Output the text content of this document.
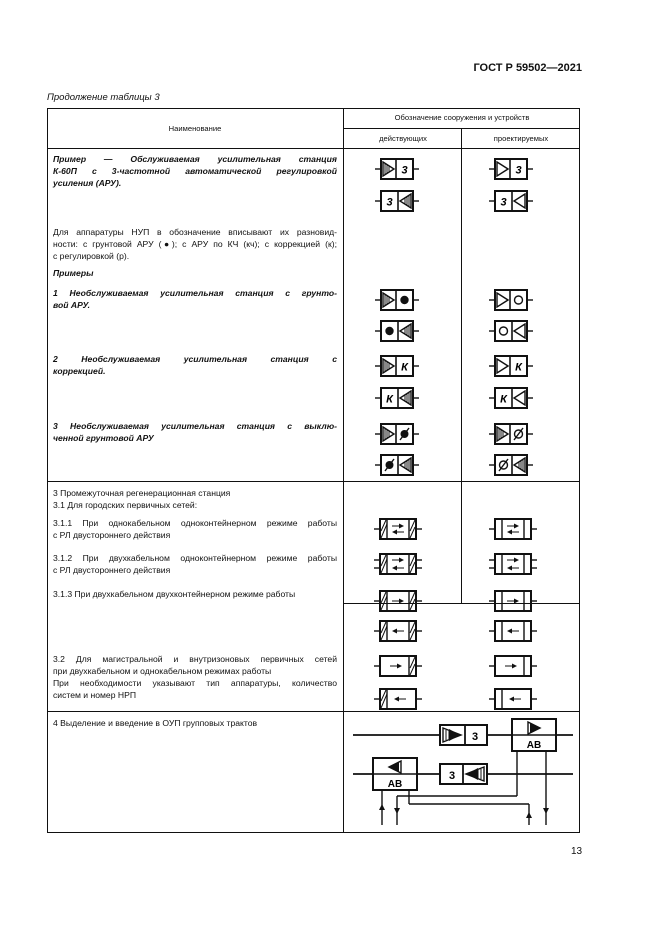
ГОСТ Р 59502—2021
Продолжение таблицы 3
Наименование
Обозначение сооружения и устройств
действующих	проектируемых
Пример — Обслуживаемая усилительная станция
К-60П с 3-частотной автоматической регулировкой
усиления (АРУ).
Для аппаратуры НУП в обозначение вписывают их разновид-
ности: с грунтовой АРУ (●); с АРУ по КЧ (кч); с коррекцией (к);
с регулировкой (р).
Примеры
1 Необслуживаемая усилительная станция с грунто-
вой АРУ.
2 Необслуживаемая усилительная станция с
коррекцией.
3 Необслуживаемая усилительная станция с выклю-
ченной грунтовой АРУ
3 Промежуточная регенерационная станция
3.1 Для городских первичных сетей:
3.1.1 При однокабельном одноконтейнерном режиме работы
с РЛ двустороннего действия
3.1.2 При двухкабельном одноконтейнерном режиме работы
с РЛ двустороннего действия
3.1.3 При двухкабельном двухконтейнерном режиме работы
3.2 Для магистральной и внутризоновых первичных сетей
при двухкабельном и однокабельном режимах работы
При необходимости указывают тип аппаратуры, количество
систем и номер НРП
4 Выделение и введение в ОУП групповых трактов
3
3
3
3
К
К
К
К
3
3
АВ
АВ
13
